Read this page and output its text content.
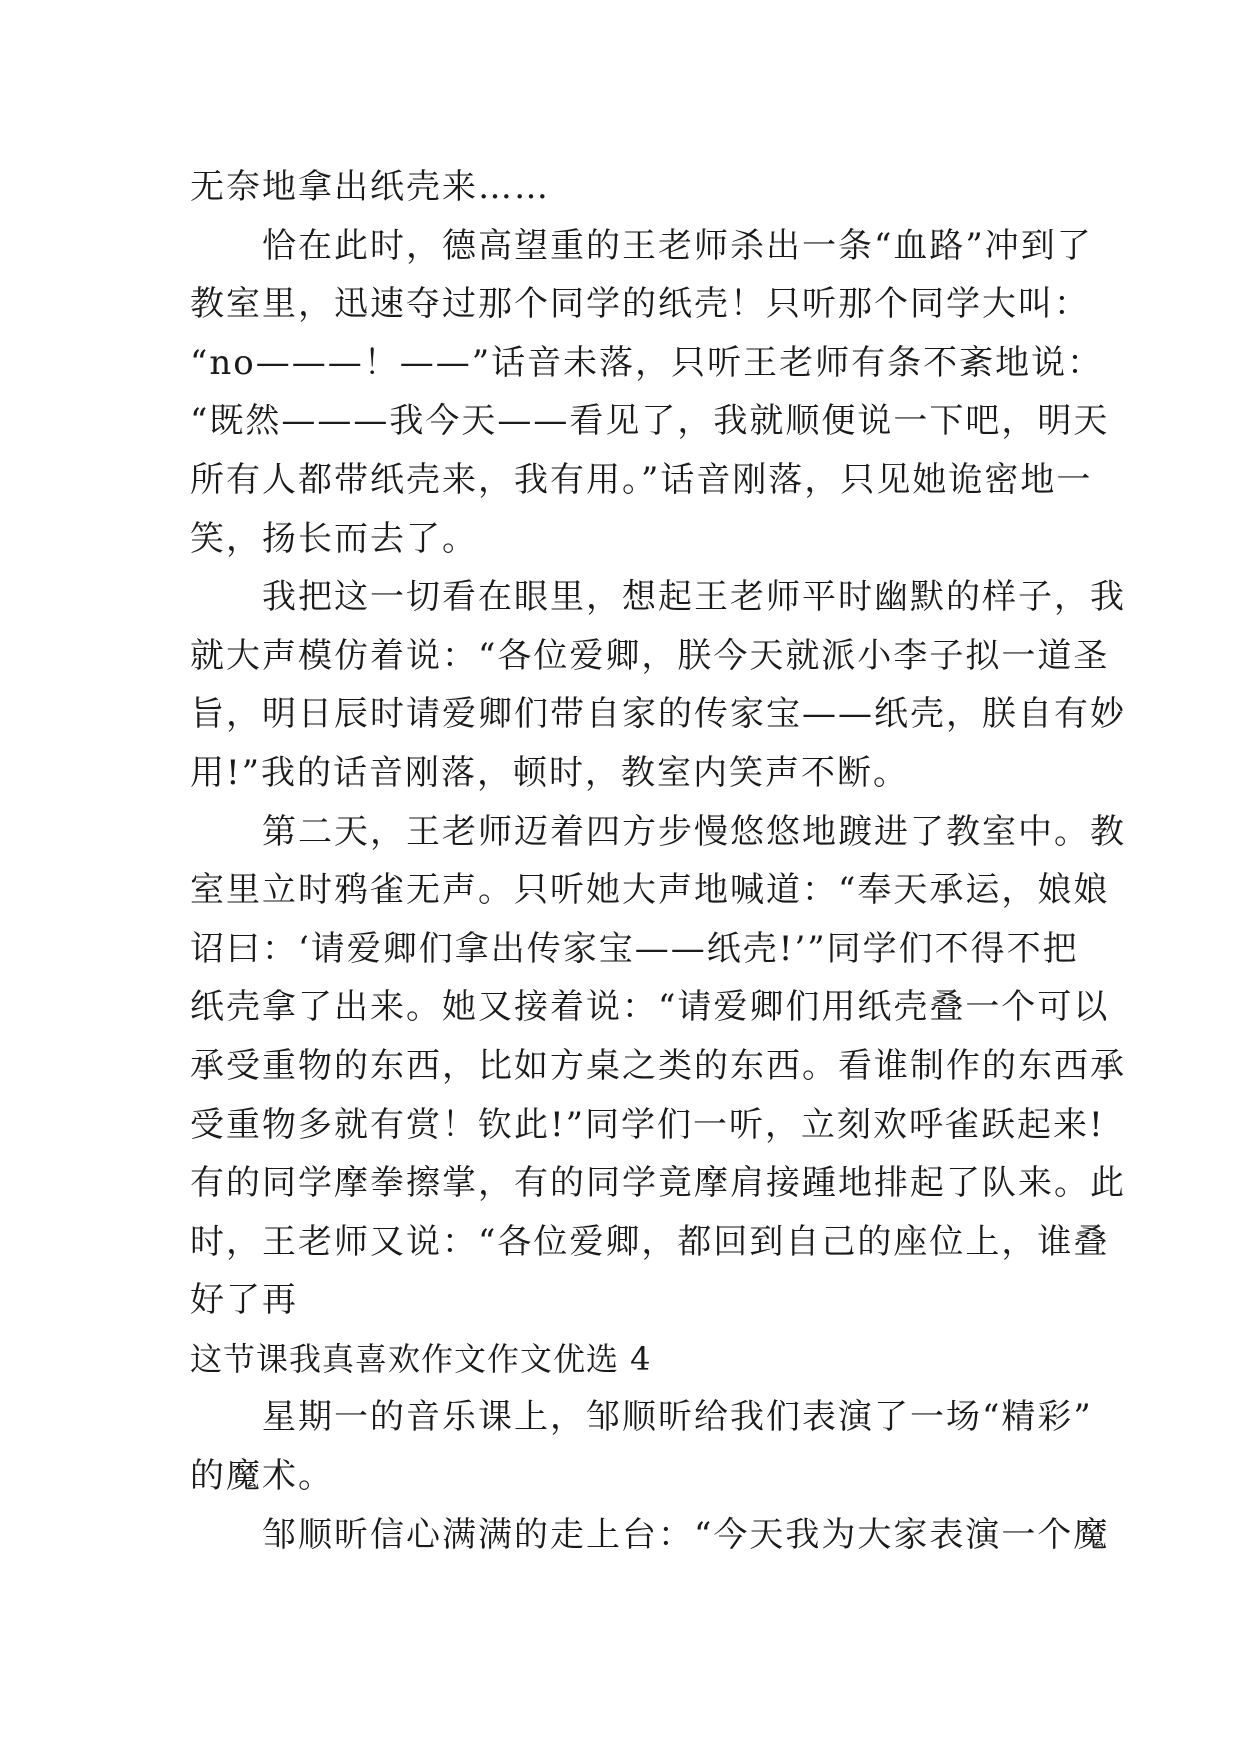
无奈地拿出纸壳来……
　　恰在此时，德高望重的王老师杀出一条“血路”冲到了
教室里，迅速夺过那个同学的纸壳！只听那个同学大叫：
“no———！——”话音未落，只听王老师有条不紊地说：
“既然———我今天——看见了，我就顺便说一下吧，明天
所有人都带纸壳来，我有用。”话音刚落，只见她诡密地一
笑，扬长而去了。
　　我把这一切看在眼里，想起王老师平时幽默的样子，我
就大声模仿着说：“各位爱卿，朕今天就派小李子拟一道圣
旨，明日辰时请爱卿们带自家的传家宝——纸壳，朕自有妙
用!”我的话音刚落，顿时，教室内笑声不断。
　　第二天，王老师迈着四方步慢悠悠地踱进了教室中。教
室里立时鸦雀无声。只听她大声地喊道：“奉天承运，娘娘
诏曰：‘请爱卿们拿出传家宝——纸壳!’”同学们不得不把
纸壳拿了出来。她又接着说：“请爱卿们用纸壳叠一个可以
承受重物的东西，比如方桌之类的东西。看谁制作的东西承
受重物多就有赏！钦此!”同学们一听，立刻欢呼雀跃起来!
有的同学摩拳擦掌，有的同学竟摩肩接踵地排起了队来。此
时，王老师又说：“各位爱卿，都回到自己的座位上，谁叠
好了再
这节课我真喜欢作文作文优选 4
　　星期一的音乐课上，邹顺昕给我们表演了一场“精彩”
的魔术。
　　邹顺昕信心满满的走上台：“今天我为大家表演一个魔
